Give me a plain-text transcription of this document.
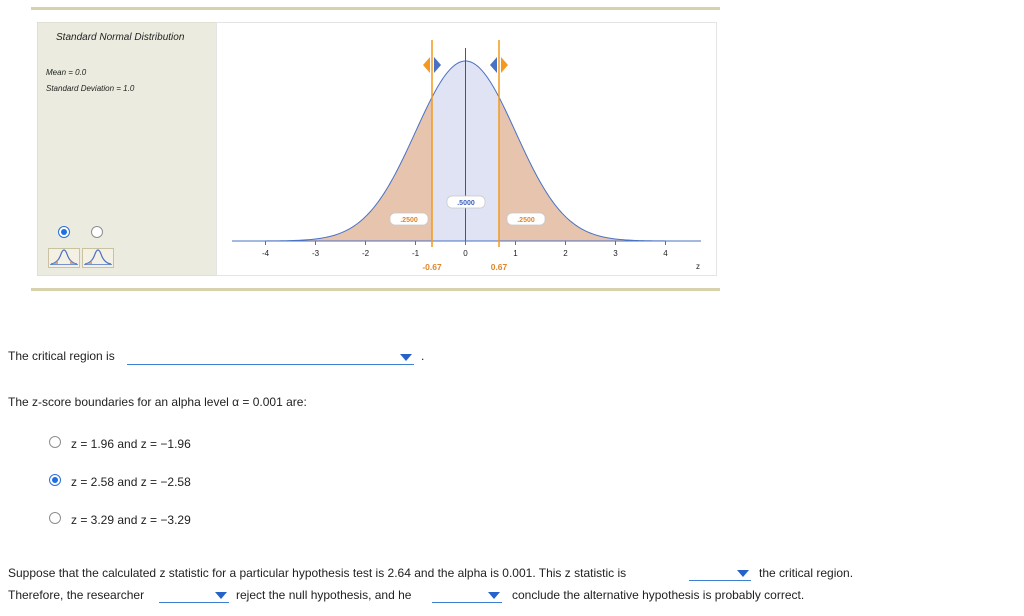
Standard Normal Distribution
Mean = 0.0
Standard Deviation = 1.0
-4	-3	-2	-1	0	1	2	3	4
z
-0.67	0.67
.2500
.5000
.2500
The critical region is	.
The z-score boundaries for an alpha level α = 0.001 are:
z = 1.96 and z = −1.96
z = 2.58 and z = −2.58
z = 3.29 and z = −3.29
Suppose that the calculated z statistic for a particular hypothesis test is 2.64 and the alpha is 0.001. This z statistic is	the critical region.
Therefore, the researcher	reject the null hypothesis, and he	conclude the alternative hypothesis is probably correct.
